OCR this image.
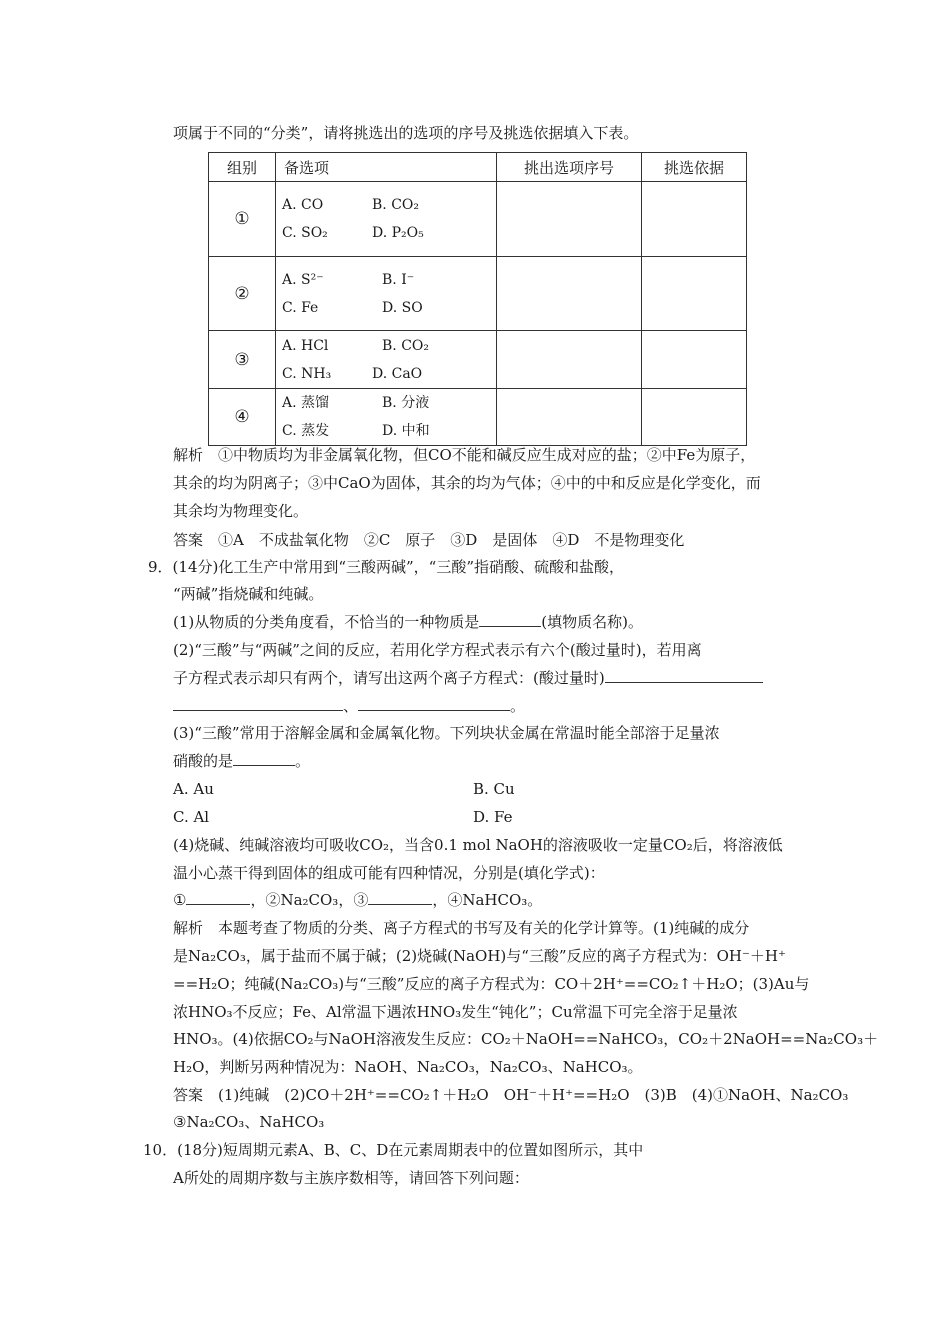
项属于不同的“分类”，请将挑选出的选项的序号及挑选依据填入下表。
组别	备选项	挑出选项序号	挑选依据
①	A. CO B. CO₂
C. SO₂ D. P₂O₅		

②	A. S²⁻ B. I⁻
C. Fe D. SO		

③	A. HCl B. CO₂
C. NH₃ D. CaO		

④	A. 蒸馏 B. 分液
C. 蒸发 D. 中和		

解析　①中物质均为非金属氧化物，但CO不能和碱反应生成对应的盐；②中Fe为原子，
其余的均为阴离子；③中CaO为固体，其余的均为气体；④中的中和反应是化学变化，而
其余均为物理变化。
答案　①A　不成盐氧化物　②C　原子　③D　是固体　④D　不是物理变化
9．(14分)化工生产中常用到“三酸两碱”，“三酸”指硝酸、硫酸和盐酸，
“两碱”指烧碱和纯碱。
(1)从物质的分类角度看，不恰当的一种物质是	(填物质名称)。
(2)“三酸”与“两碱”之间的反应，若用化学方程式表示有六个(酸过量时)，若用离
子方程式表示却只有两个，请写出这两个离子方程式：(酸过量时)
、	。
(3)“三酸”常用于溶解金属和金属氧化物。下列块状金属在常温时能全部溶于足量浓
硝酸的是	。
A. Au	B. Cu
C. Al	D. Fe
(4)烧碱、纯碱溶液均可吸收CO₂，当含0.1 mol NaOH的溶液吸收一定量CO₂后，将溶液低
温小心蒸干得到固体的组成可能有四种情况，分别是(填化学式)：
①	，②Na₂CO₃，③	，④NaHCO₃。
解析　本题考查了物质的分类、离子方程式的书写及有关的化学计算等。(1)纯碱的成分
是Na₂CO₃，属于盐而不属于碱；(2)烧碱(NaOH)与“三酸”反应的离子方程式为：OH⁻＋H⁺
==H₂O；纯碱(Na₂CO₃)与“三酸”反应的离子方程式为：CO＋2H⁺==CO₂↑＋H₂O；(3)Au与
浓HNO₃不反应；Fe、Al常温下遇浓HNO₃发生“钝化”；Cu常温下可完全溶于足量浓
HNO₃。(4)依据CO₂与NaOH溶液发生反应：CO₂＋NaOH==NaHCO₃，CO₂＋2NaOH==Na₂CO₃＋
H₂O，判断另两种情况为：NaOH、Na₂CO₃，Na₂CO₃、NaHCO₃。
答案　(1)纯碱　(2)CO＋2H⁺==CO₂↑＋H₂O　OH⁻＋H⁺==H₂O　(3)B　(4)①NaOH、Na₂CO₃
③Na₂CO₃、NaHCO₃
10．(18分)短周期元素A、B、C、D在元素周期表中的位置如图所示，其中
A所处的周期序数与主族序数相等，请回答下列问题：
